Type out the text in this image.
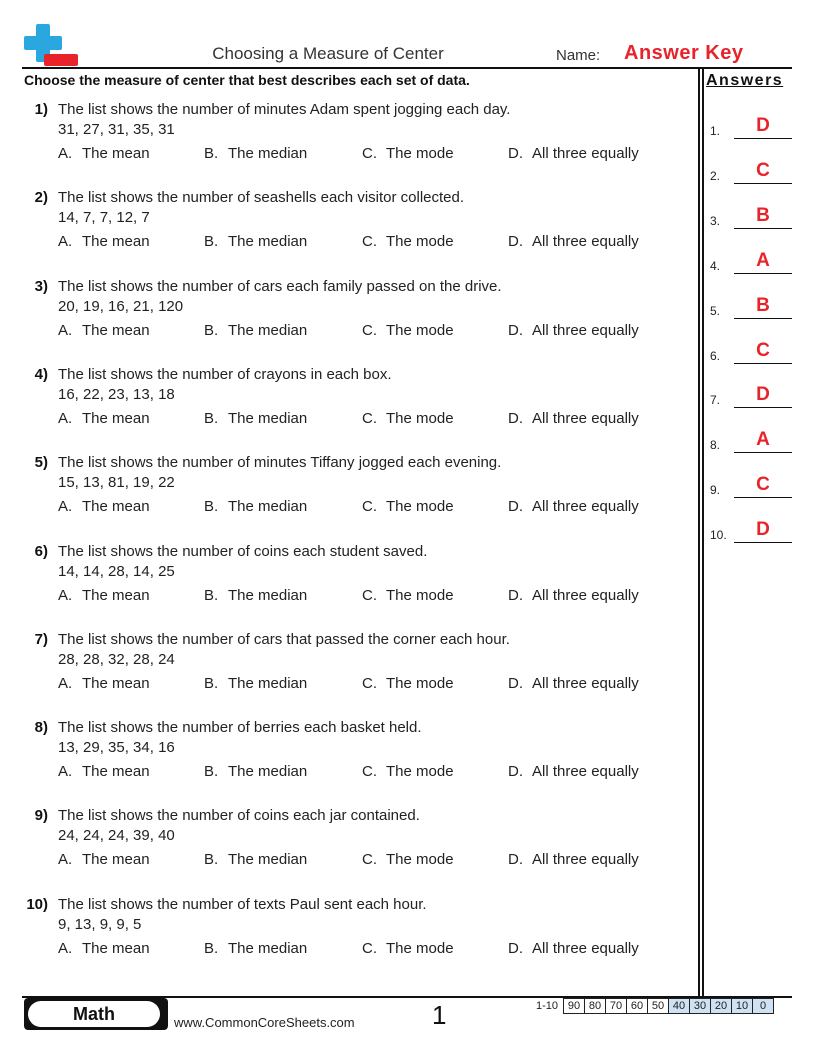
Choosing a Measure of Center	Name: Answer Key
Choose the measure of center that best describes each set of data.	Answers
1) The list shows the number of minutes Adam spent jogging each day.
31, 27, 31, 35, 31
A. The mean	B. The median	C. The mode	D. All three equally
2) The list shows the number of seashells each visitor collected.
14, 7, 7, 12, 7
A. The mean	B. The median	C. The mode	D. All three equally
3) The list shows the number of cars each family passed on the drive.
20, 19, 16, 21, 120
A. The mean	B. The median	C. The mode	D. All three equally
4) The list shows the number of crayons in each box.
16, 22, 23, 13, 18
A. The mean	B. The median	C. The mode	D. All three equally
5) The list shows the number of minutes Tiffany jogged each evening.
15, 13, 81, 19, 22
A. The mean	B. The median	C. The mode	D. All three equally
6) The list shows the number of coins each student saved.
14, 14, 28, 14, 25
A. The mean	B. The median	C. The mode	D. All three equally
7) The list shows the number of cars that passed the corner each hour.
28, 28, 32, 28, 24
A. The mean	B. The median	C. The mode	D. All three equally
8) The list shows the number of berries each basket held.
13, 29, 35, 34, 16
A. The mean	B. The median	C. The mode	D. All three equally
9) The list shows the number of coins each jar contained.
24, 24, 24, 39, 40
A. The mean	B. The median	C. The mode	D. All three equally
10) The list shows the number of texts Paul sent each hour.
9, 13, 9, 9, 5
A. The mean	B. The median	C. The mode	D. All three equally
1.	D
2.	C
3.	B
4.	A
5.	B
6.	C
7.	D
8.	A
9.	C
10.	D
Math	www.CommonCoreSheets.com	1	1-10 90 80 70 60 50 40 30 20 10	0
